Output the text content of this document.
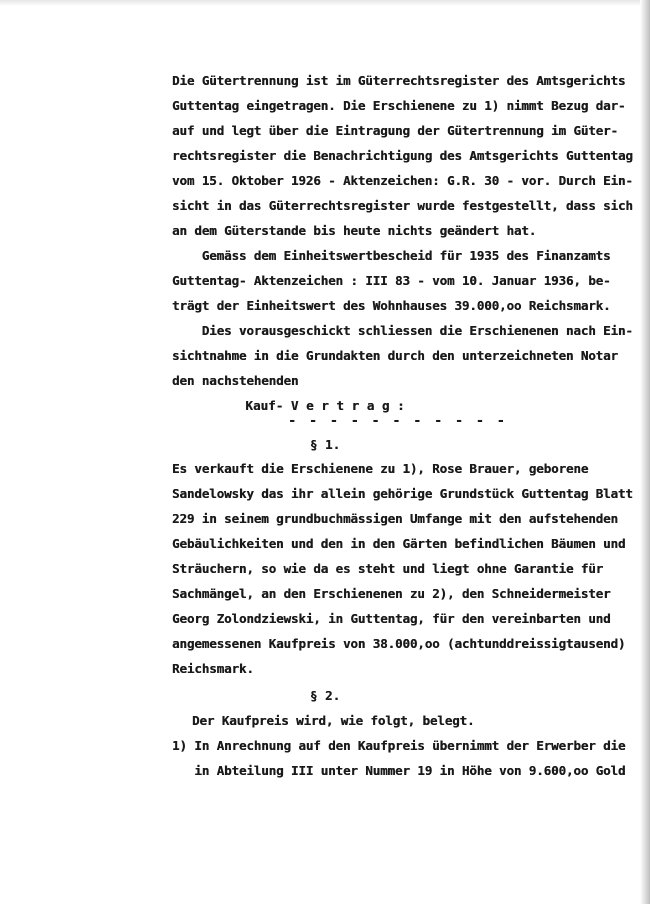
Die Gütertrennung ist im Güterrechtsregister des Amtsgerichts
Guttentag eingetragen. Die Erschienene zu 1) nimmt Bezug dar-
auf und legt über die Eintragung der Gütertrennung im Güter-
rechtsregister die Benachrichtigung des Amtsgerichts Guttentag
vom 15. Oktober 1926 - Aktenzeichen: G.R. 30 - vor. Durch Ein-
sicht in das Güterrechtsregister wurde festgestellt, dass sich
an dem Güterstande bis heute nichts geändert hat.
Gemäss dem Einheitswertbescheid für 1935 des Finanzamts
Guttentag- Aktenzeichen : III 83 - vom 10. Januar 1936, be-
trägt der Einheitswert des Wohnhauses 39.000,oo Reichsmark.
Dies vorausgeschickt schliessen die Erschienenen nach Ein-
sichtnahme in die Grundakten durch den unterzeichneten Notar
den nachstehenden
Kauf- V e r t r a g :
- - - - - - - - - - -
§ 1.
Es verkauft die Erschienene zu 1), Rose Brauer, geborene
Sandelowsky das ihr allein gehörige Grundstück Guttentag Blatt
229 in seinem grundbuchmässigen Umfange mit den aufstehenden
Gebäulichkeiten und den in den Gärten befindlichen Bäumen und
Sträuchern, so wie da es steht und liegt ohne Garantie für
Sachmängel, an den Erschienenen zu 2), den Schneidermeister
Georg Zolondziewski, in Guttentag, für den vereinbarten und
angemessenen Kaufpreis von 38.000,oo (achtunddreissigtausend)
Reichsmark.
§ 2.
Der Kaufpreis wird, wie folgt, belegt.
1) In Anrechnung auf den Kaufpreis übernimmt der Erwerber die
in Abteilung III unter Nummer 19 in Höhe von 9.600,oo Gold
